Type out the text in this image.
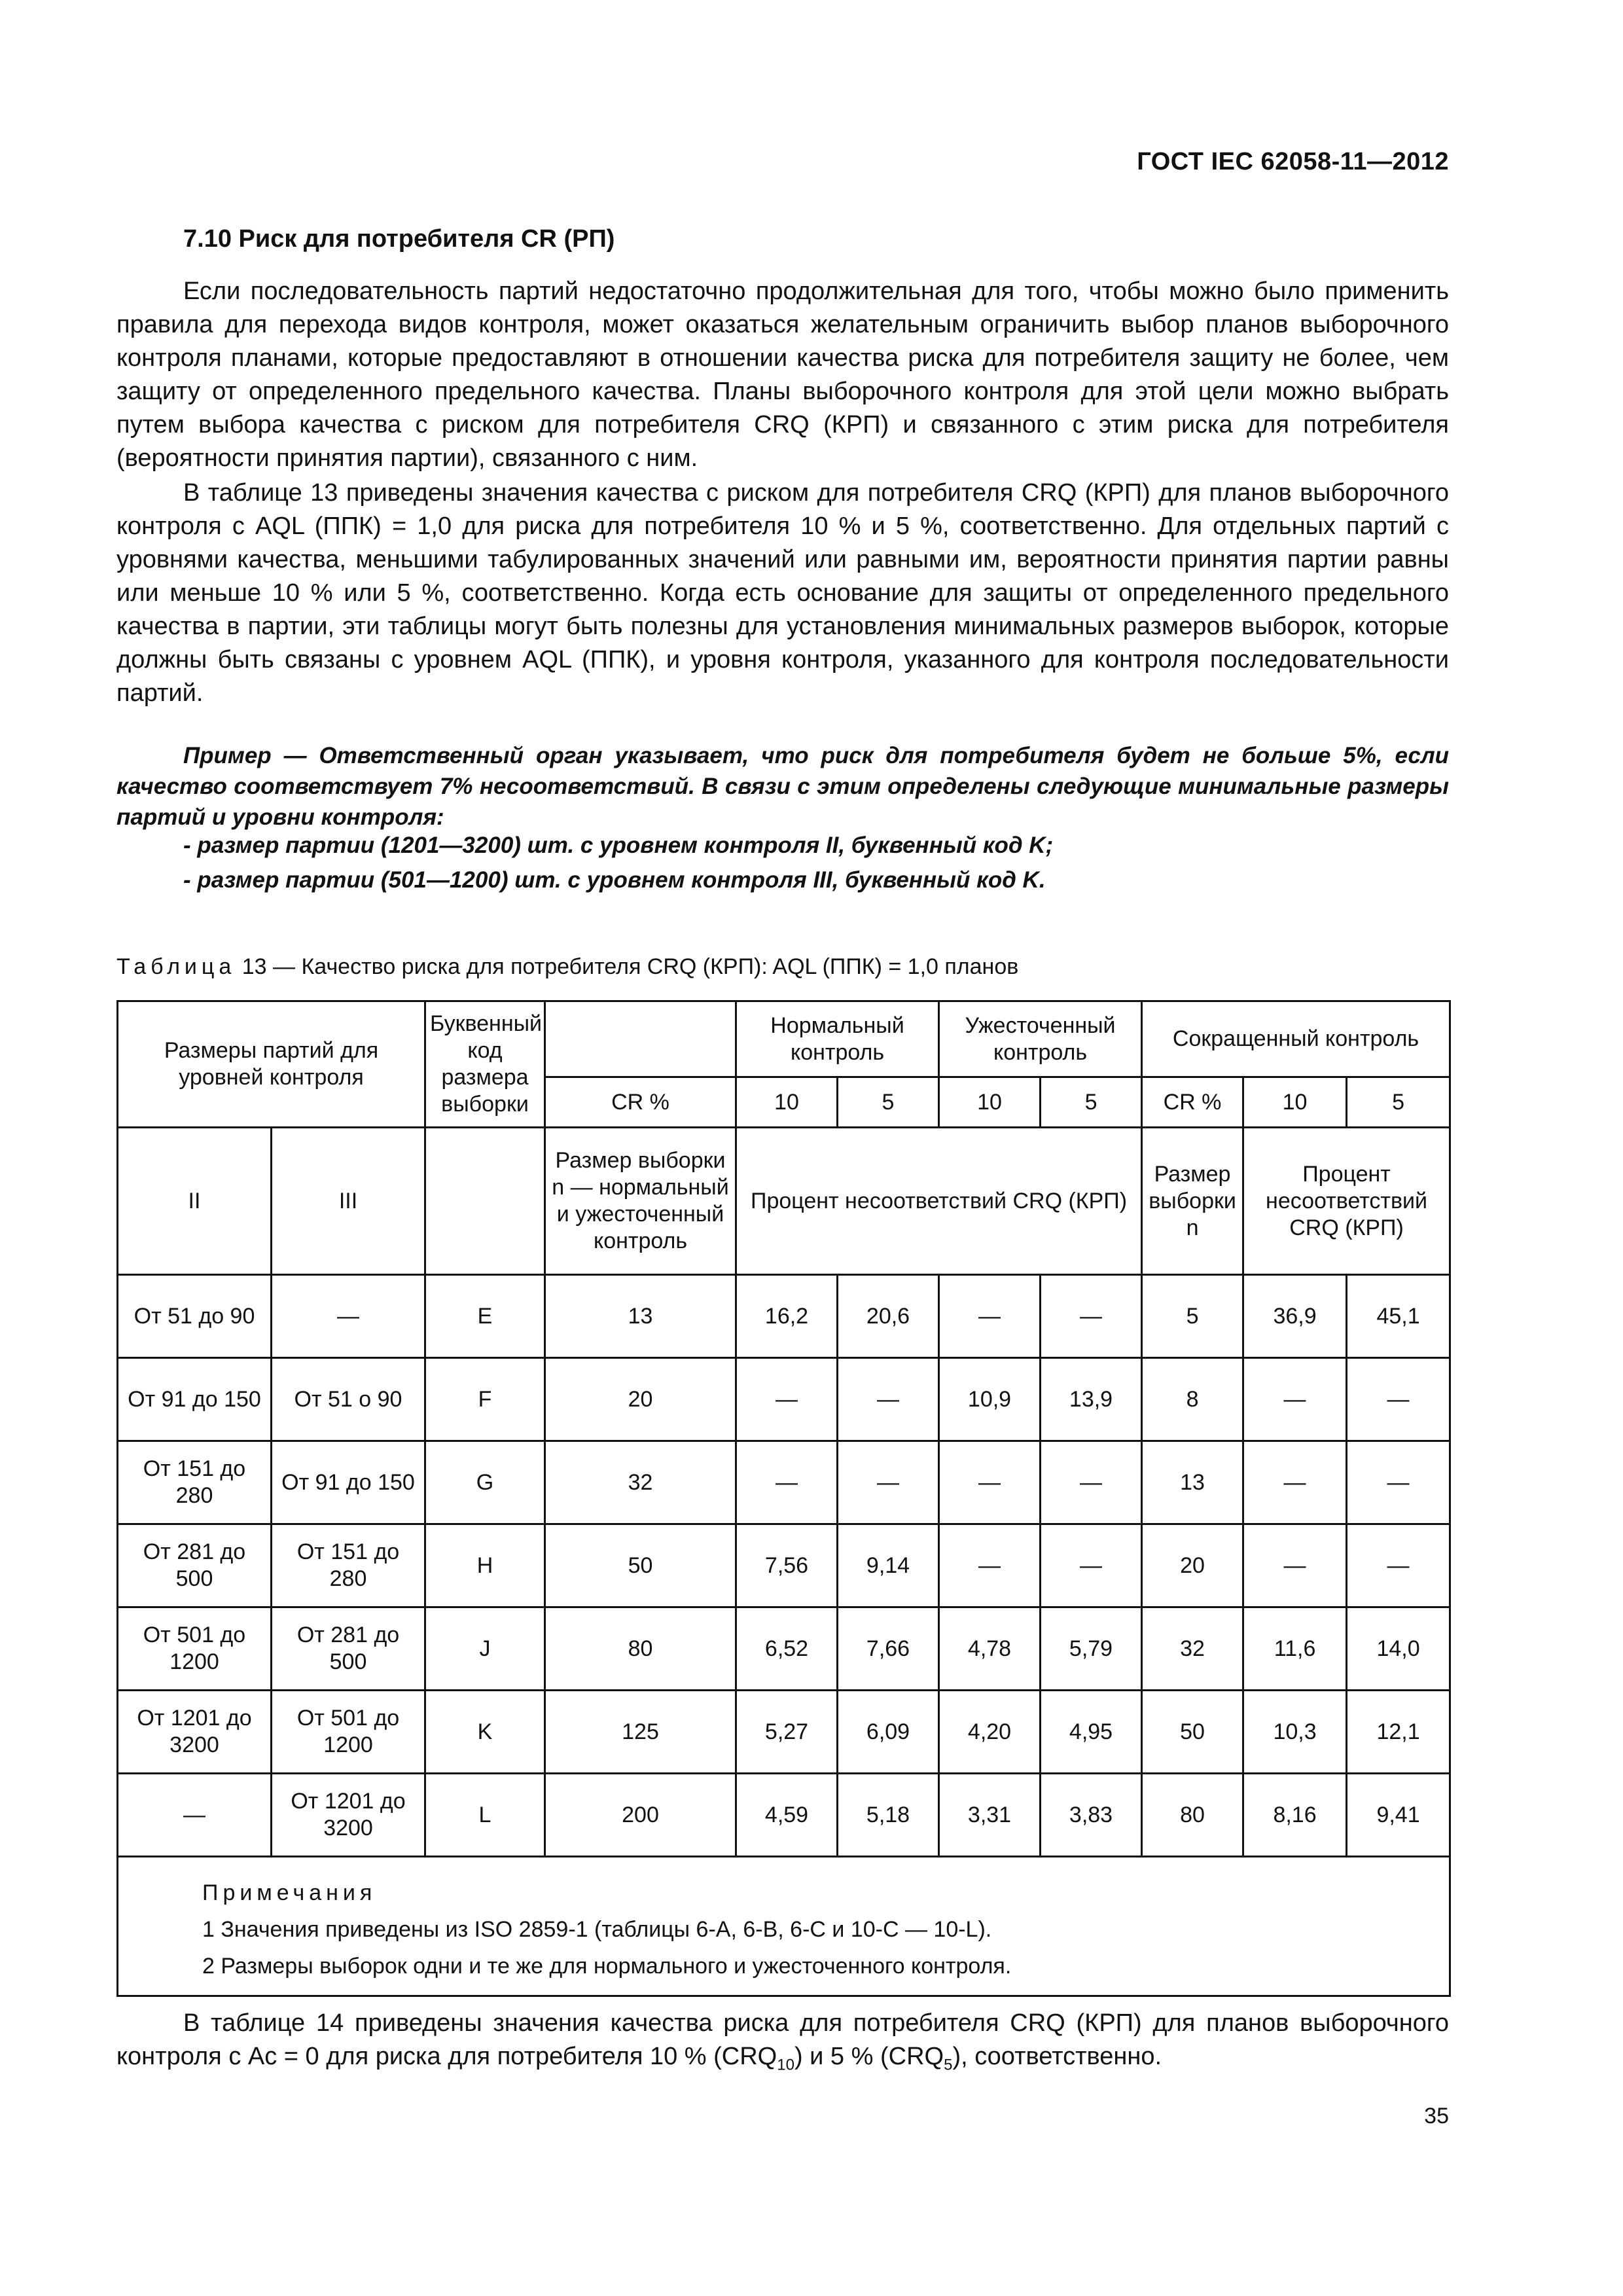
ГОСТ IEC 62058-11—2012
7.10 Риск для потребителя CR (РП)

Если последовательность партий недостаточно продолжительная для того, чтобы можно было применить правила для перехода видов контроля, может оказаться желательным ограничить выбор планов выборочного контроля планами, которые предоставляют в отношении качества риска для потребителя защиту не более, чем защиту от определенного предельного качества. Планы выборочного контроля для этой цели можно выбрать путем выбора качества с риском для потребителя CRQ (КРП) и связанного с этим риска для потребителя (вероятности принятия партии), связанного с ним.

В таблице 13 приведены значения качества с риском для потребителя CRQ (КРП) для планов выборочного контроля с AQL (ППК) = 1,0 для риска для потребителя 10 % и 5 %, соответственно. Для отдельных партий с уровнями качества, меньшими табулированных значений или равными им, вероятности принятия партии равны или меньше 10 % или 5 %, соответственно. Когда есть основание для защиты от определенного предельного качества в партии, эти таблицы могут быть полезны для установления минимальных размеров выборок, которые должны быть связаны с уровнем AQL (ППК), и уровня контроля, указанного для контроля последовательности партий.

Пример — Ответственный орган указывает, что риск для потребителя будет не больше 5%, если качество соответствует 7% несоответствий. В связи с этим определены следующие минимальные размеры партий и уровни контроля:

- размер партии (1201—3200) шт. с уровнем контроля II, буквенный код K;

- размер партии (501—1200) шт. с уровнем контроля III, буквенный код K.

Таблица 13 — Качество риска для потребителя CRQ (КРП): AQL (ППК) = 1,0 планов
Размеры партий для уровней контроля		Буквенный код размера выборки		Нормальный контроль		Ужесточенный контроль		Сокращенный контроль		
			CR %	10	5	10	5	CR %	10	5
II	III		Размер выборки n — нормальный и ужесточенный контроль	Процент несоответствий CRQ (КРП)				Размер выборки n	Процент несоответствий CRQ (КРП)	
От 51 до 90	—	E	13	16,2	20,6	—	—	5	36,9	45,1
От 91 до 150	От 51 о 90	F	20	—	—	10,9	13,9	8	—	—
От 151 до 280	От 91 до 150	G	32	—	—	—	—	13	—	—
От 281 до 500	От 151 до 280	H	50	7,56	9,14	—	—	20	—	—
От 501 до 1200	От 281 до 500	J	80	6,52	7,66	4,78	5,79	32	11,6	14,0
От 1201 до 3200	От 501 до 1200	K	125	5,27	6,09	4,20	4,95	50	10,3	12,1
—	От 1201 до 3200	L	200	4,59	5,18	3,31	3,83	80	8,16	9,41

Примечания
1 Значения приведены из ISO 2859-1 (таблицы 6-A, 6-B, 6-C и 10-C — 10-L).
2 Размеры выборок одни и те же для нормального и ужесточенного контроля.										

В таблице 14 приведены значения качества риска для потребителя CRQ (КРП) для планов выборочного контроля с Ac = 0 для риска для потребителя 10 % $(CRQ_{10})$ и 5 % $(CRQ_5)$, соответственно.

35
